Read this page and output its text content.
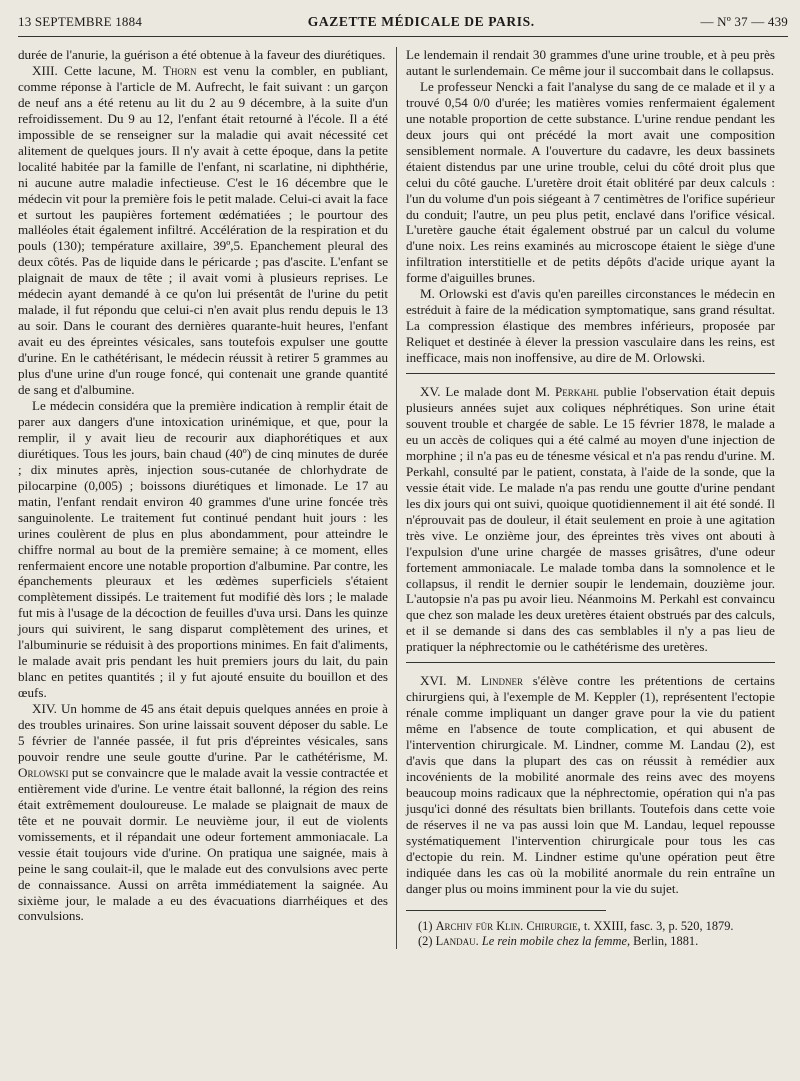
13 SEPTEMBRE 1884	GAZETTE MÉDICALE DE PARIS.	— Nº 37 — 439

durée de l'anurie, la guérison a été obtenue à la faveur des diurétiques.

XIII. Cette lacune, M. Thorn est venu la combler, en publiant, comme réponse à l'article de M. Aufrecht, le fait suivant : un garçon de neuf ans a été retenu au lit du 2 au 9 décembre, à la suite d'un refroidissement. Du 9 au 12, l'enfant était retourné à l'école. Il a été impossible de se renseigner sur la maladie qui avait nécessité cet alitement de quelques jours. Il n'y avait à cette époque, dans la petite localité habitée par la famille de l'enfant, ni scarlatine, ni diphthérie, ni aucune autre maladie infectieuse. C'est le 16 décembre que le médecin vit pour la première fois le petit malade. Celui-ci avait la face et surtout les paupières fortement œdématiées ; le pourtour des malléoles était également infiltré. Accélération de la respiration et du pouls (130); température axillaire, 39º,5. Epanchement pleural des deux côtés. Pas de liquide dans le péricarde ; pas d'ascite. L'enfant se plaignait de maux de tête ; il avait vomi à plusieurs reprises. Le médecin ayant demandé à ce qu'on lui présentât de l'urine du petit malade, il fut répondu que celui-ci n'en avait plus rendu depuis le 13 au soir. Dans le courant des dernières quarante-huit heures, l'enfant avait eu des épreintes vésicales, sans toutefois expulser une goutte d'urine. En le cathétérisant, le médecin réussit à retirer 5 grammes au plus d'une urine d'un rouge foncé, qui contenait une grande quantité de sang et d'albumine.

Le médecin considéra que la première indication à remplir était de parer aux dangers d'une intoxication urinémique, et que, pour la remplir, il y avait lieu de recourir aux diaphorétiques et aux diurétiques. Tous les jours, bain chaud (40º) de cinq minutes de durée ; dix minutes après, injection sous-cutanée de chlorhydrate de pilocarpine (0,005) ; boissons diurétiques et limonade. Le 17 au matin, l'enfant rendait environ 40 grammes d'une urine foncée très sanguinolente. Le traitement fut continué pendant huit jours : les urines coulèrent de plus en plus abondamment, pour atteindre le chiffre normal au bout de la première semaine; à ce moment, elles renfermaient encore une notable proportion d'albumine. Par contre, les épanchements pleuraux et les œdèmes superficiels s'étaient complètement dissipés. Le traitement fut modifié dès lors ; le malade fut mis à l'usage de la décoction de feuilles d'uva ursi. Dans les quinze jours qui suivirent, le sang disparut complètement des urines, et l'albuminurie se réduisit à des proportions minimes. En fait d'aliments, le malade avait pris pendant les huit premiers jours du lait, du pain blanc en petites quantités ; il y fut ajouté ensuite du bouillon et des œufs.

XIV. Un homme de 45 ans était depuis quelques années en proie à des troubles urinaires. Son urine laissait souvent déposer du sable. Le 5 février de l'année passée, il fut pris d'épreintes vésicales, sans pouvoir rendre une seule goutte d'urine. Par le cathétérisme, M. Orlowski put se convaincre que le malade avait la vessie contractée et entièrement vide d'urine. Le ventre était ballonné, la région des reins était extrêmement douloureuse. Le malade se plaignait de maux de tête et ne pouvait dormir. Le neuvième jour, il eut de violents vomissements, et il répandait une odeur fortement ammoniacale. La vessie était toujours vide d'urine. On pratiqua une saignée, mais à peine le sang coulait-il, que le malade eut des convulsions avec perte de connaissance. Aussi on arrêta immédiatement la saignée. Au sixième jour, le malade a eu des évacuations diarrhéiques et des convulsions.

Le lendemain il rendait 30 grammes d'une urine trouble, et à peu près autant le surlendemain. Ce même jour il succombait dans le collapsus.

Le professeur Nencki a fait l'analyse du sang de ce malade et il y a trouvé 0,54 0/0 d'urée; les matières vomies renfermaient également une notable proportion de cette substance. L'urine rendue pendant les deux jours qui ont précédé la mort avait une composition sensiblement normale. A l'ouverture du cadavre, les deux bassinets étaient distendus par une urine trouble, celui du côté droit plus que celui du côté gauche. L'uretère droit était oblitéré par deux calculs : l'un du volume d'un pois siégeant à 7 centimètres de l'orifice supérieur du conduit; l'autre, un peu plus petit, enclavé dans l'orifice vésical. L'uretère gauche était également obstrué par un calcul du volume d'une noix. Les reins examinés au microscope étaient le siège d'une infiltration interstitielle et de petits dépôts d'acide urique ayant la forme d'aiguilles brunes.

M. Orlowski est d'avis qu'en pareilles circonstances le médecin en estréduit à faire de la médication symptomatique, sans grand résultat. La compression élastique des membres inférieurs, proposée par Reliquet et destinée à élever la pression vasculaire dans les reins, est inefficace, mais non inoffensive, au dire de M. Orlowski.

XV. Le malade dont M. Perkahl publie l'observation était depuis plusieurs années sujet aux coliques néphrétiques. Son urine était souvent trouble et chargée de sable. Le 15 février 1878, le malade a eu un accès de coliques qui a été calmé au moyen d'une injection de morphine ; il n'a pas eu de ténesme vésical et n'a pas rendu d'urine. M. Perkahl, consulté par le patient, constata, à l'aide de la sonde, que la vessie était vide. Le malade n'a pas rendu une goutte d'urine pendant les dix jours qui ont suivi, quoique quotidiennement il ait été sondé. Il n'éprouvait pas de douleur, il était seulement en proie à une agitation très vive. Le onzième jour, des épreintes très vives ont abouti à l'expulsion d'une urine chargée de masses grisâtres, d'une odeur fortement ammoniacale. Le malade tomba dans la somnolence et le collapsus, il rendit le dernier soupir le lendemain, douzième jour. L'autopsie n'a pas pu avoir lieu. Néanmoins M. Perkahl est convaincu que chez son malade les deux uretères étaient obstrués par des calculs, et il se demande si dans des cas semblables il n'y a pas lieu de pratiquer la néphrectomie ou le cathétérisme des uretères.

XVI. M. Lindner s'élève contre les prétentions de certains chirurgiens qui, à l'exemple de M. Keppler (1), représentent l'ectopie rénale comme impliquant un danger grave pour la vie du patient même en l'absence de toute complication, et qui abusent de l'intervention chirurgicale. M. Lindner, comme M. Landau (2), est d'avis que dans la plupart des cas on réussit à remédier aux incovénients de la mobilité anormale des reins avec des moyens beaucoup moins radicaux que la néphrectomie, opération qui n'a pas jusqu'ici donné des résultats bien brillants. Toutefois dans cette voie de réserves il ne va pas aussi loin que M. Landau, lequel repousse systématiquement l'intervention chirurgicale pour tous les cas d'ectopie du rein. M. Lindner estime qu'une opération peut être indiquée dans les cas où la mobilité anormale du rein entraîne un danger plus ou moins imminent pour la vie du sujet.

(1) Archiv für Klin. Chirurgie, t. XXIII, fasc. 3, p. 520, 1879.

(2) Landau. Le rein mobile chez la femme, Berlin, 1881.
